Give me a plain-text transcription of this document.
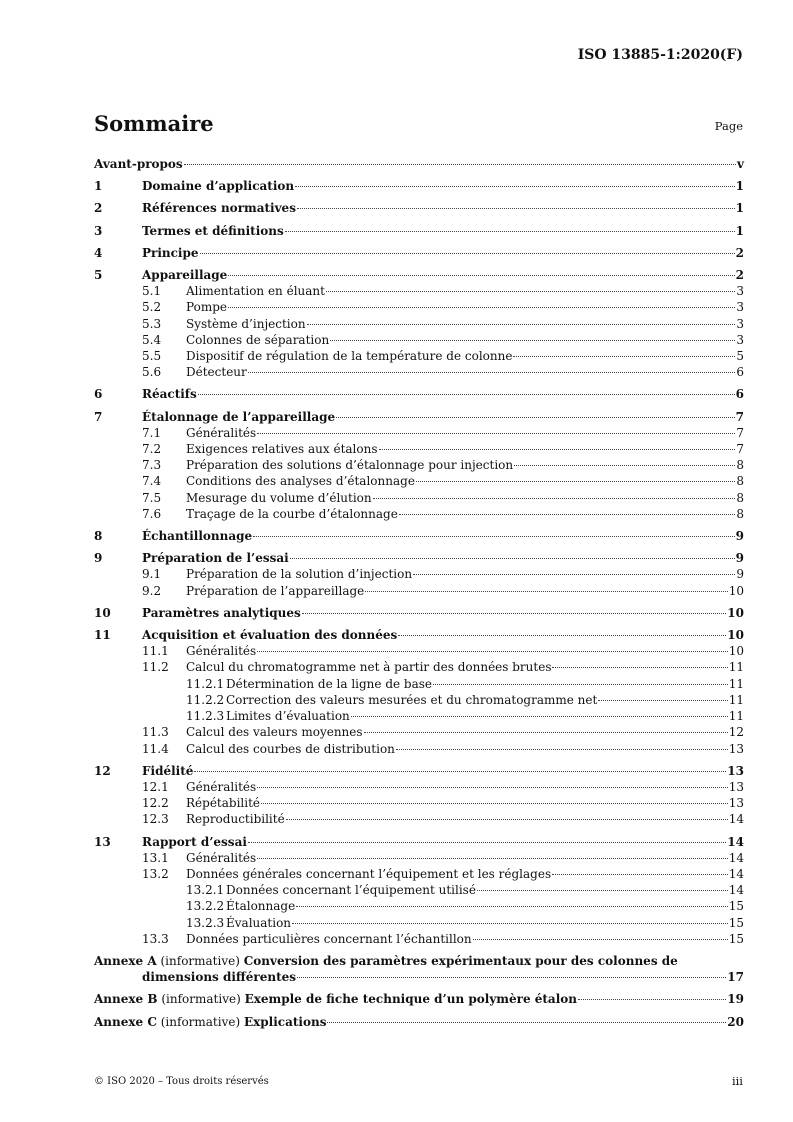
ISO 13885-1:2020(F)
Sommaire	Page
Avant-propos	v
1	Domaine d’application	1
2	Références normatives	1
3	Termes et définitions	1
4	Principe	2
5	Appareillage	2
5.1	Alimentation en éluant	3
5.2	Pompe	3
5.3	Système d’injection	3
5.4	Colonnes de séparation	3
5.5	Dispositif de régulation de la température de colonne	5
5.6	Détecteur	6
6	Réactifs	6
7	Étalonnage de l’appareillage	7
7.1	Généralités	7
7.2	Exigences relatives aux étalons	7
7.3	Préparation des solutions d’étalonnage pour injection	8
7.4	Conditions des analyses d’étalonnage	8
7.5	Mesurage du volume d’élution	8
7.6	Traçage de la courbe d’étalonnage	8
8	Échantillonnage	9
9	Préparation de l’essai	9
9.1	Préparation de la solution d’injection	9
9.2	Préparation de l’appareillage	10
10	Paramètres analytiques	10
11	Acquisition et évaluation des données	10
11.1	Généralités	10
11.2	Calcul du chromatogramme net à partir des données brutes	11
11.2.1 Détermination de la ligne de base	11
11.2.2 Correction des valeurs mesurées et du chromatogramme net	11
11.2.3 Limites d’évaluation	11
11.3	Calcul des valeurs moyennes	12
11.4	Calcul des courbes de distribution	13
12	Fidélité	13
12.1	Généralités	13
12.2	Répétabilité	13
12.3	Reproductibilité	14
13	Rapport d’essai	14
13.1	Généralités	14
13.2	Données générales concernant l’équipement et les réglages	14
13.2.1 Données concernant l’équipement utilisé	14
13.2.2 Étalonnage	15
13.2.3 Évaluation	15
13.3	Données particulières concernant l’échantillon	15
Annexe A (informative) Conversion des paramètres expérimentaux pour des colonnes de
dimensions différentes	17
Annexe B (informative) Exemple de fiche technique d’un polymère étalon	19
Annexe C (informative) Explications	20
© ISO 2020 – Tous droits réservés	iii
